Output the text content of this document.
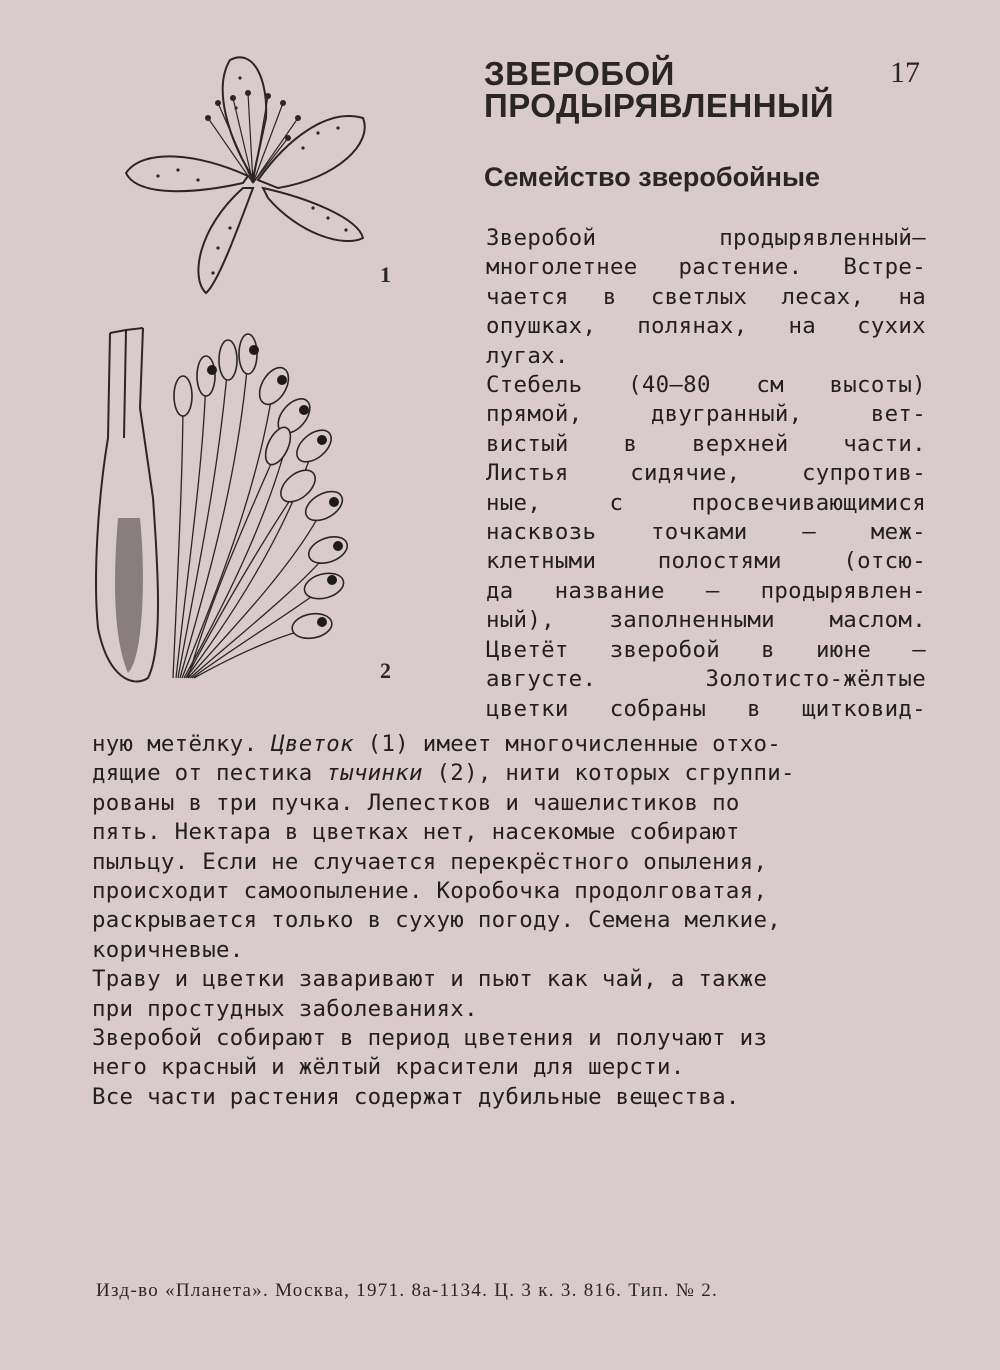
1
2
ЗВЕРОБОЙ
ПРОДЫРЯВЛЕННЫЙ
17
Семейство зверобойные
Зверобой	продырявленный—
многолетнее растение. Встре-
чается в светлых лесах, на
опушках, полянах, на сухих
лугах.
Стебель (40—80 см высоты)
прямой,	двугранный,	вет-
вистый в верхней части.
Листья	сидячие,	супротив-
ные,	с	просвечивающимися
насквозь точками — меж-
клетными	полостями	(отсю-
да название — продырявлен-
ный), заполненными маслом.
Цветёт зверобой в июне —
августе.	Золотисто-жёлтые
цветки собраны в щитковид-
ную метёлку. Цветок (1) имеет многочисленные отхо-
дящие от пестика тычинки (2), нити которых сгруппи-
рованы в три пучка. Лепестков и чашелистиков по
пять. Нектара в цветках нет, насекомые собирают
пыльцу. Если не случается перекрёстного опыления,
происходит самоопыление. Коробочка продолговатая,
раскрывается только в сухую погоду. Семена мелкие,
коричневые.
Траву и цветки заваривают и пьют как чай, а также
при простудных заболеваниях.
Зверобой собирают в период цветения и получают из
него красный и жёлтый красители для шерсти.
Все части растения содержат дубильные вещества.
Изд-во «Планета». Москва, 1971. 8а-1134. Ц. 3 к. 3. 816. Тип. № 2.
